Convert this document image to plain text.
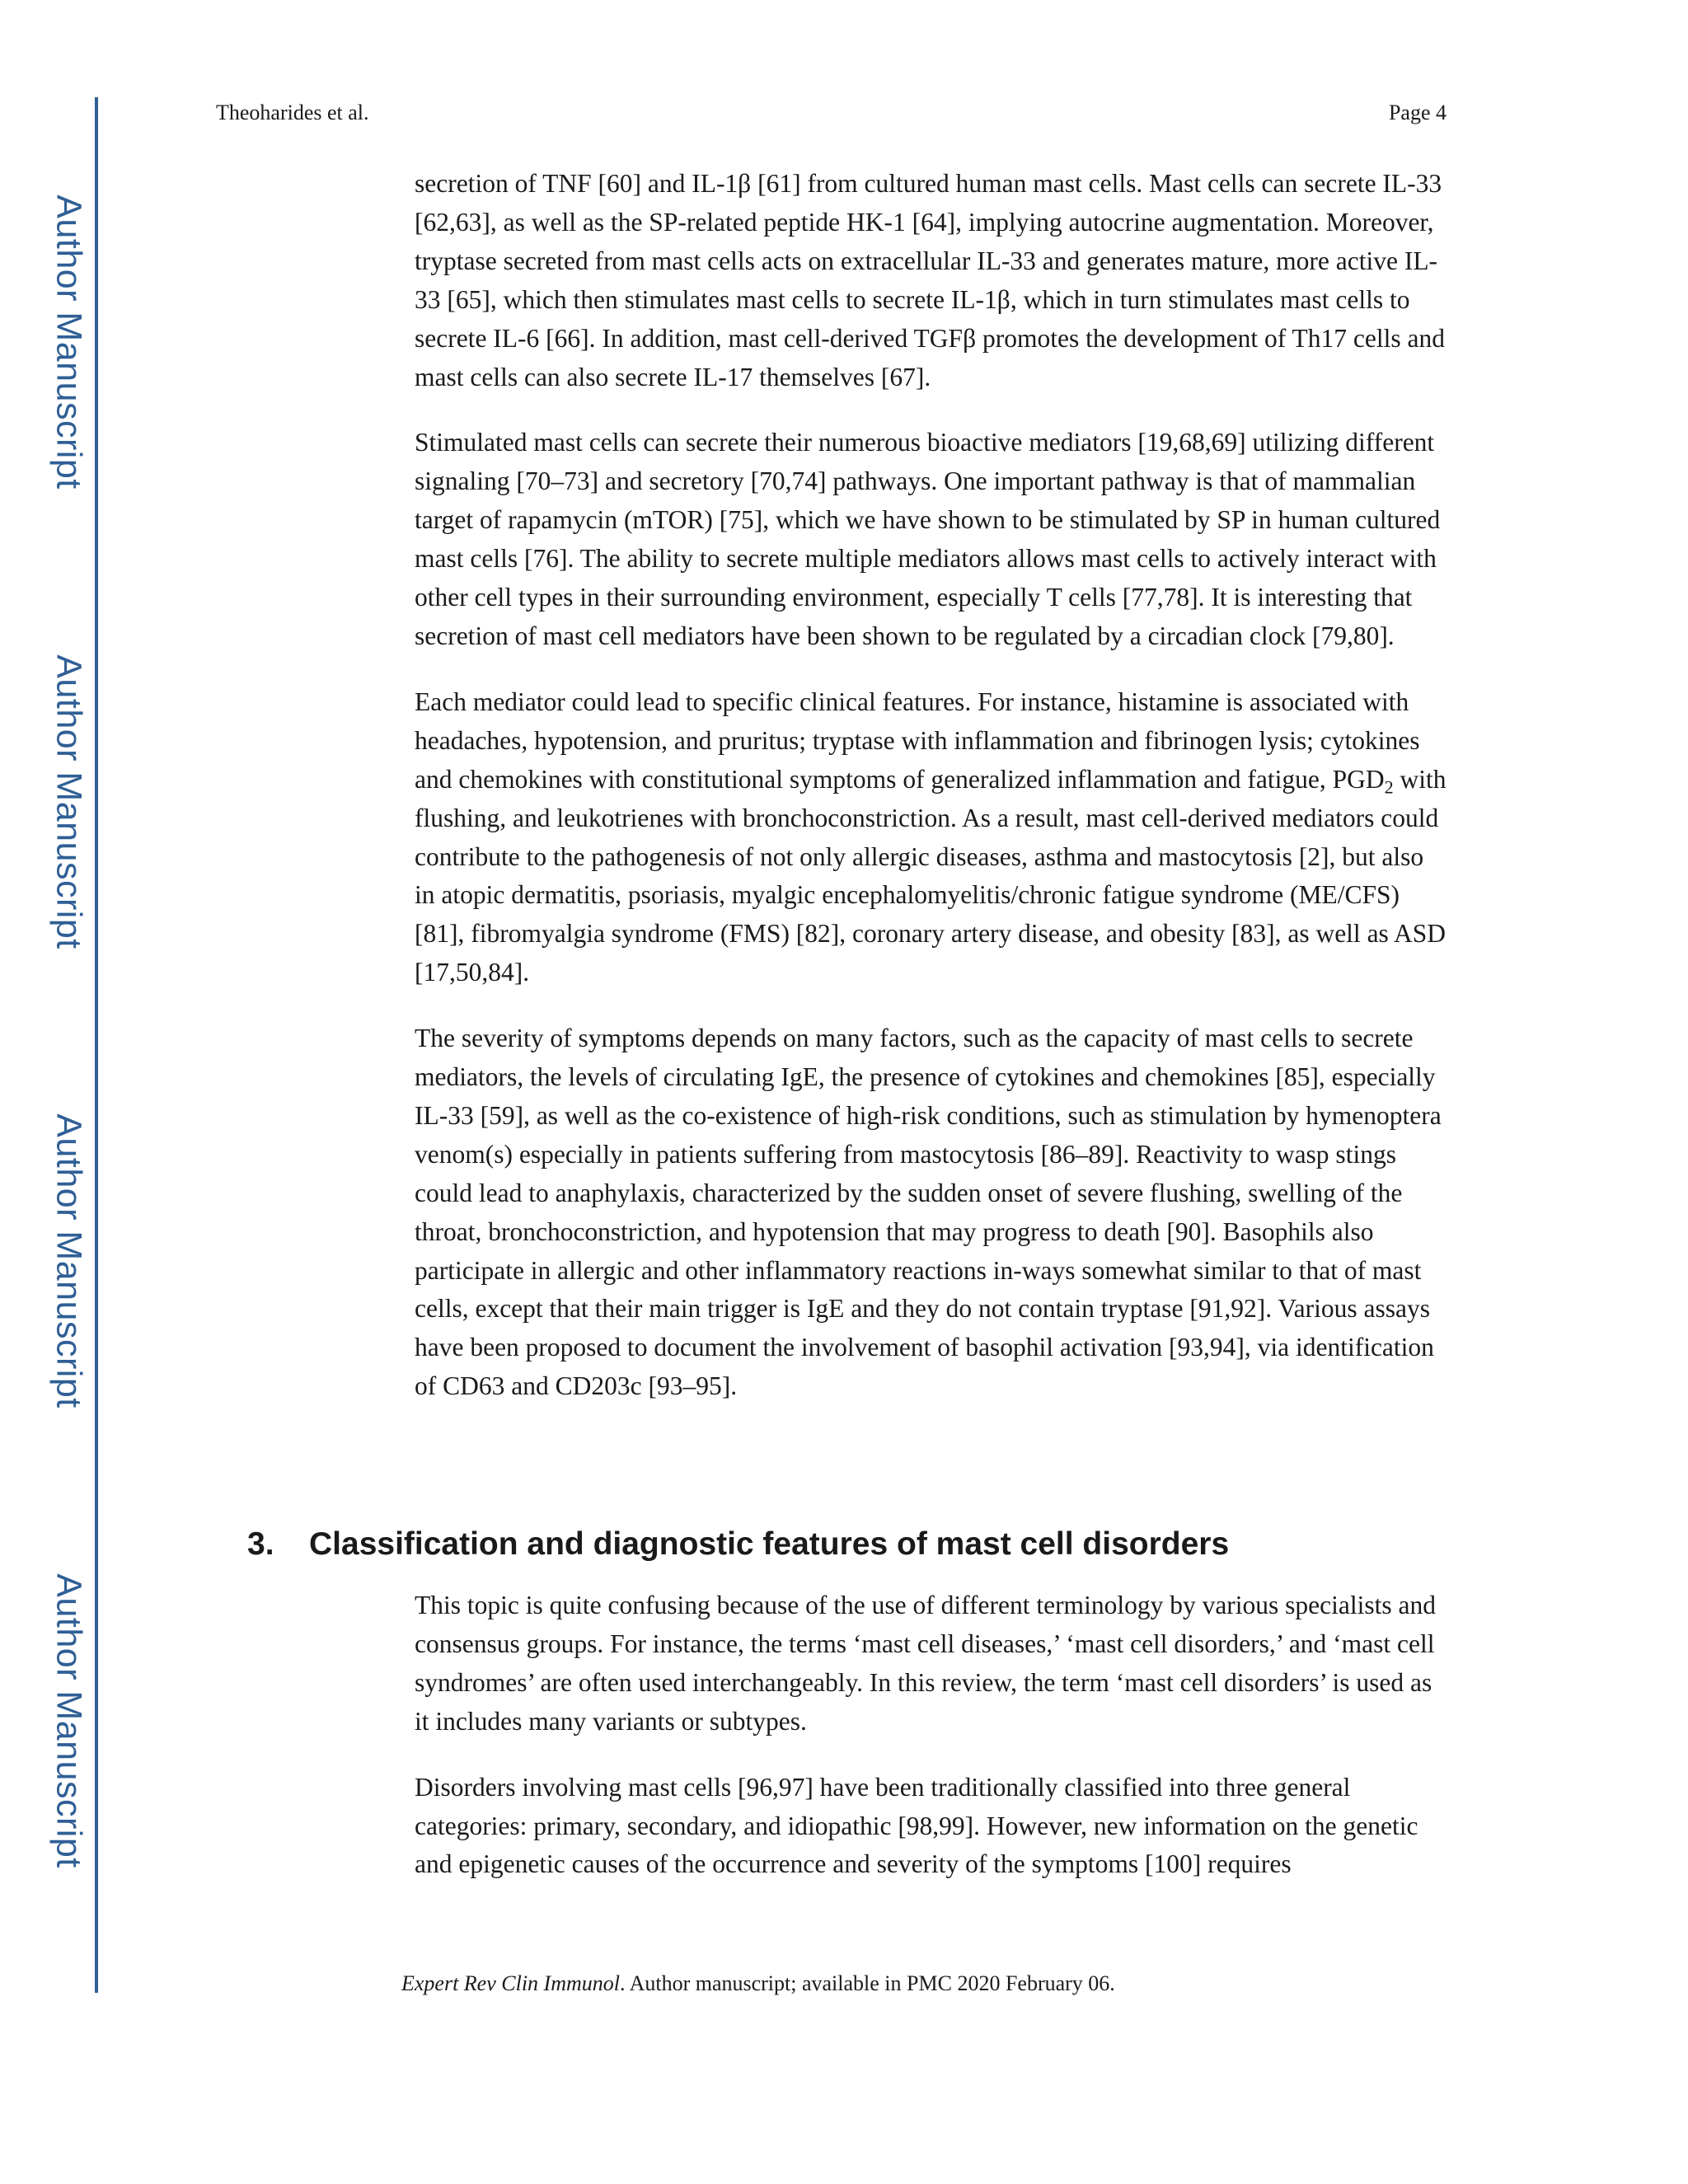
Author Manuscript
Author Manuscript
Author Manuscript
Author Manuscript
Theoharides et al.	Page 4

secretion of TNF [60] and IL-1β [61] from cultured human mast cells. Mast cells can secrete IL-33 [62,63], as well as the SP-related peptide HK-1 [64], implying autocrine augmentation. Moreover, tryptase secreted from mast cells acts on extracellular IL-33 and generates mature, more active IL-33 [65], which then stimulates mast cells to secrete IL-1β, which in turn stimulates mast cells to secrete IL-6 [66]. In addition, mast cell-derived TGFβ promotes the development of Th17 cells and mast cells can also secrete IL-17 themselves [67].

Stimulated mast cells can secrete their numerous bioactive mediators [19,68,69] utilizing different signaling [70–73] and secretory [70,74] pathways. One important pathway is that of mammalian target of rapamycin (mTOR) [75], which we have shown to be stimulated by SP in human cultured mast cells [76]. The ability to secrete multiple mediators allows mast cells to actively interact with other cell types in their surrounding environment, especially T cells [77,78]. It is interesting that secretion of mast cell mediators have been shown to be regulated by a circadian clock [79,80].

Each mediator could lead to specific clinical features. For instance, histamine is associated with headaches, hypotension, and pruritus; tryptase with inflammation and fibrinogen lysis; cytokines and chemokines with constitutional symptoms of generalized inflammation and fatigue, $PGD_2$ with flushing, and leukotrienes with bronchoconstriction. As a result, mast cell-derived mediators could contribute to the pathogenesis of not only allergic diseases, asthma and mastocytosis [2], but also in atopic dermatitis, psoriasis, myalgic encephalomyelitis/chronic fatigue syndrome (ME/CFS) [81], fibromyalgia syndrome (FMS) [82], coronary artery disease, and obesity [83], as well as ASD [17,50,84].

The severity of symptoms depends on many factors, such as the capacity of mast cells to secrete mediators, the levels of circulating IgE, the presence of cytokines and chemokines [85], especially IL-33 [59], as well as the co-existence of high-risk conditions, such as stimulation by hymenoptera venom(s) especially in patients suffering from mastocytosis [86–89]. Reactivity to wasp stings could lead to anaphylaxis, characterized by the sudden onset of severe flushing, swelling of the throat, bronchoconstriction, and hypotension that may progress to death [90]. Basophils also participate in allergic and other inflammatory reactions in-ways somewhat similar to that of mast cells, except that their main trigger is IgE and they do not contain tryptase [91,92]. Various assays have been proposed to document the involvement of basophil activation [93,94], via identification of CD63 and CD203c [93–95].

3. Classification and diagnostic features of mast cell disorders

This topic is quite confusing because of the use of different terminology by various specialists and consensus groups. For instance, the terms ‘mast cell diseases,’ ‘mast cell disorders,’ and ‘mast cell syndromes’ are often used interchangeably. In this review, the term ‘mast cell disorders’ is used as it includes many variants or subtypes.

Disorders involving mast cells [96,97] have been traditionally classified into three general categories: primary, secondary, and idiopathic [98,99]. However, new information on the genetic and epigenetic causes of the occurrence and severity of the symptoms [100] requires

Expert Rev Clin Immunol. Author manuscript; available in PMC 2020 February 06.
